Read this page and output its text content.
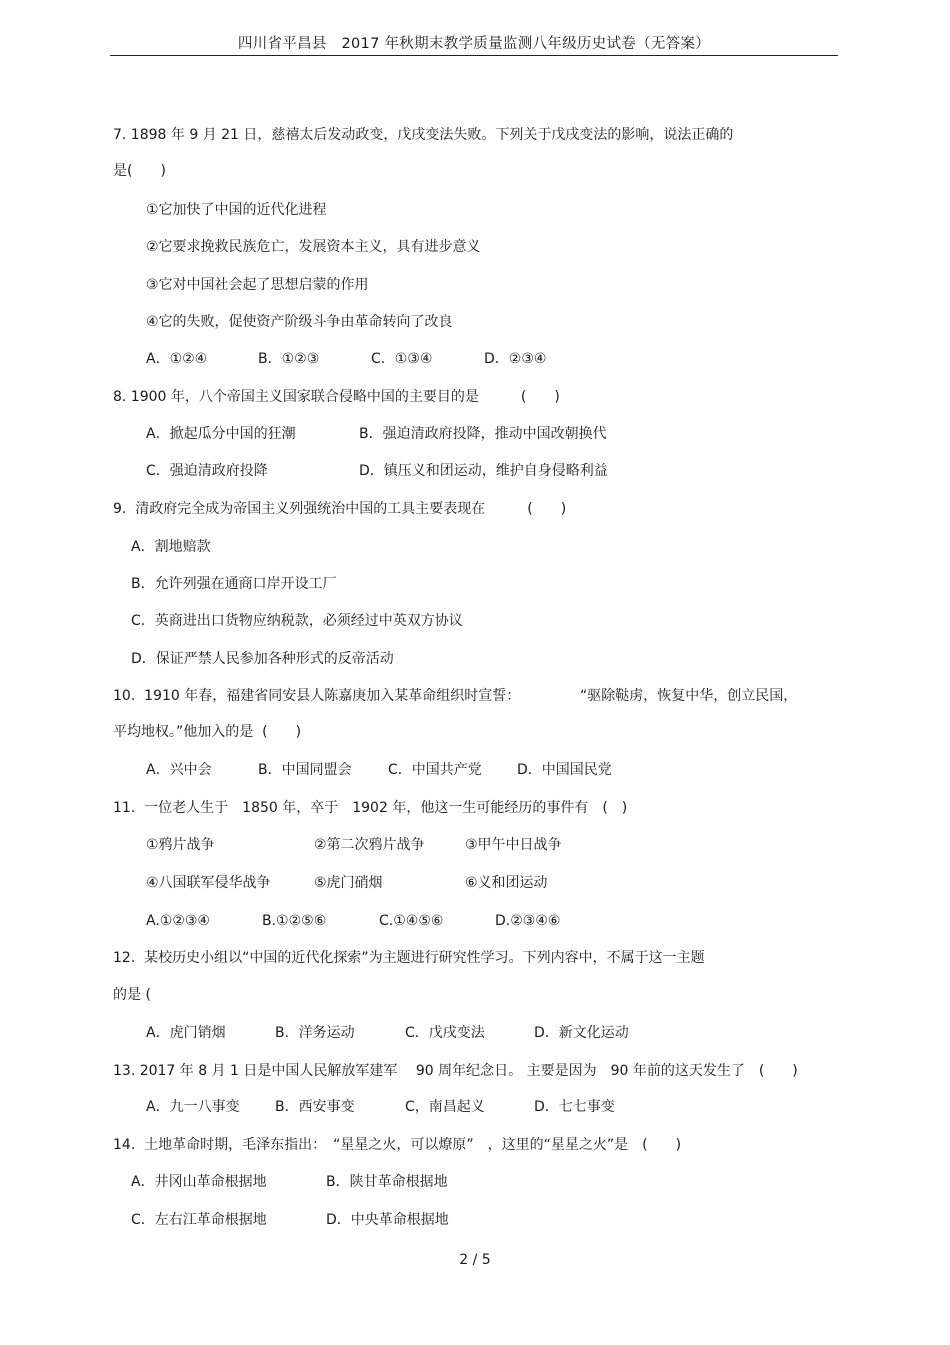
四川省平昌县　2017 年秋期末教学质量监测八年级历史试卷（无答案）
7. 1898 年 9 月 21 日，慈禧太后发动政变，戊戌变法失败。下列关于戊戌变法的影响，说法正确的
是(　　)
①它加快了中国的近代化进程
②它要求挽救民族危亡，发展资本主义，具有进步意义
③它对中国社会起了思想启蒙的作用
④它的失败，促使资产阶级斗争由革命转向了改良
A．①②④	B．①②③	C．①③④	D．②③④
8. 1900 年，八个帝国主义国家联合侵略中国的主要目的是　　　(　　)
A．掀起瓜分中国的狂潮	B．强迫清政府投降，推动中国改朝换代
C．强迫清政府投降	D．镇压义和团运动，维护自身侵略利益
9.  清政府完全成为帝国主义列强统治中国的工具主要表现在　　　(　　)
A．割地赔款
B．允许列强在通商口岸开设工厂
C．英商进出口货物应纳税款，必须经过中英双方协议
D．保证严禁人民参加各种形式的反帝活动
10.  1910 年春，福建省同安县人陈嘉庚加入某革命组织时宣誓：	“驱除鞑虏，恢复中华，创立民国，
平均地权。”他加入的是  (　　)
A．兴中会	B．中国同盟会	C．中国共产党	D．中国国民党
11.  一位老人生于　1850 年，卒于　1902 年，他这一生可能经历的事件有　(　)
①鸦片战争	②第二次鸦片战争	③甲午中日战争
④八国联军侵华战争	⑤虎门硝烟	⑥义和团运动
A.①②③④	B.①②⑤⑥	C.①④⑤⑥	D.②③④⑥
12.  某校历史小组以“中国的近代化探索”为主题进行研究性学习。下列内容中，不属于这一主题
的是 (
A．虎门销烟	B．洋务运动	C．戊戌变法	D．新文化运动
13. 2017 年 8 月 1 日是中国人民解放军建军　 90 周年纪念日。 主要是因为　90 年前的这天发生了　(　　)
A．九一八事变	B．西安事变	C，南昌起义	D．七七事变
14.  土地革命时期，毛泽东指出：　“星星之火，可以燎原”　，这里的“星星之火”是　(　　)
A．井冈山革命根据地	B．陕甘革命根据地
C．左右江革命根据地	D．中央革命根据地
2 / 5
